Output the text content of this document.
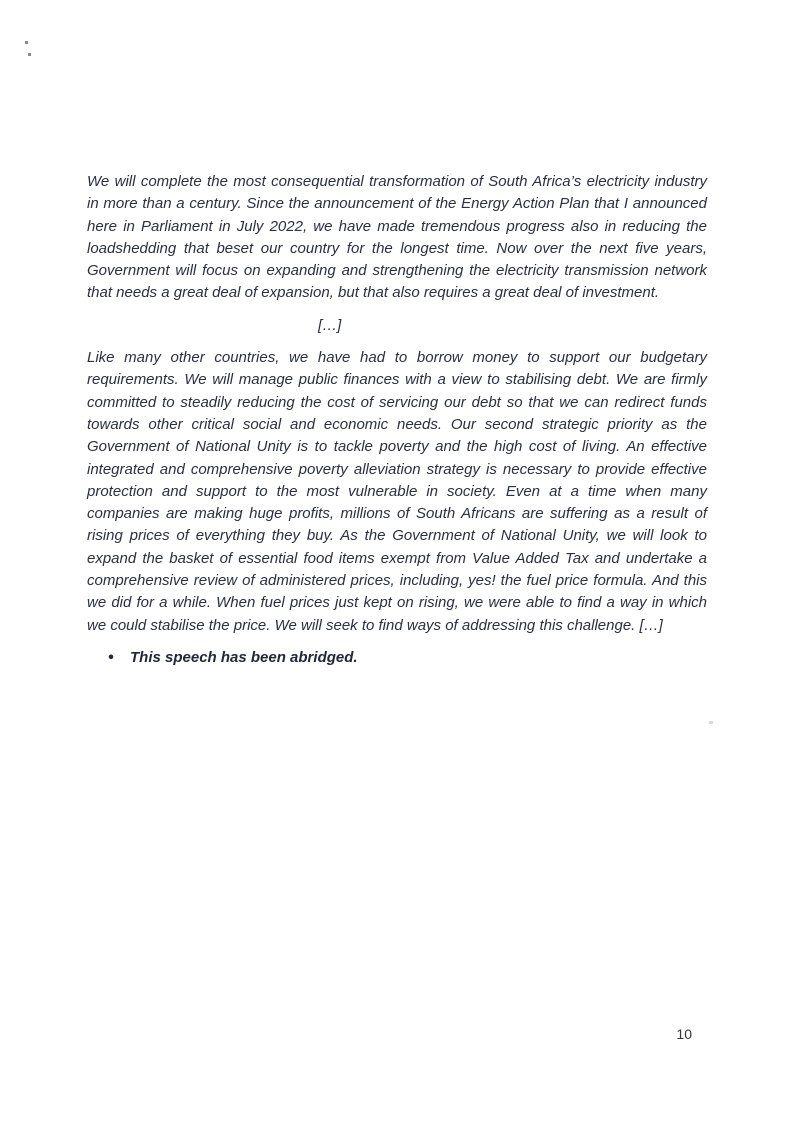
We will complete the most consequential transformation of South Africa’s electricity industry in more than a century. Since the announcement of the Energy Action Plan that I announced here in Parliament in July 2022, we have made tremendous progress also in reducing the loadshedding that beset our country for the longest time. Now over the next five years, Government will focus on expanding and strengthening the electricity transmission network that needs a great deal of expansion, but that also requires a great deal of investment.

[…]

Like many other countries, we have had to borrow money to support our budgetary requirements. We will manage public finances with a view to stabilising debt. We are firmly committed to steadily reducing the cost of servicing our debt so that we can redirect funds towards other critical social and economic needs. Our second strategic priority as the Government of National Unity is to tackle poverty and the high cost of living. An effective integrated and comprehensive poverty alleviation strategy is necessary to provide effective protection and support to the most vulnerable in society. Even at a time when many companies are making huge profits, millions of South Africans are suffering as a result of rising prices of everything they buy. As the Government of National Unity, we will look to expand the basket of essential food items exempt from Value Added Tax and undertake a comprehensive review of administered prices, including, yes! the fuel price formula. And this we did for a while. When fuel prices just kept on rising, we were able to find a way in which we could stabilise the price. We will seek to find ways of addressing this challenge. […]

• This speech has been abridged.
10
